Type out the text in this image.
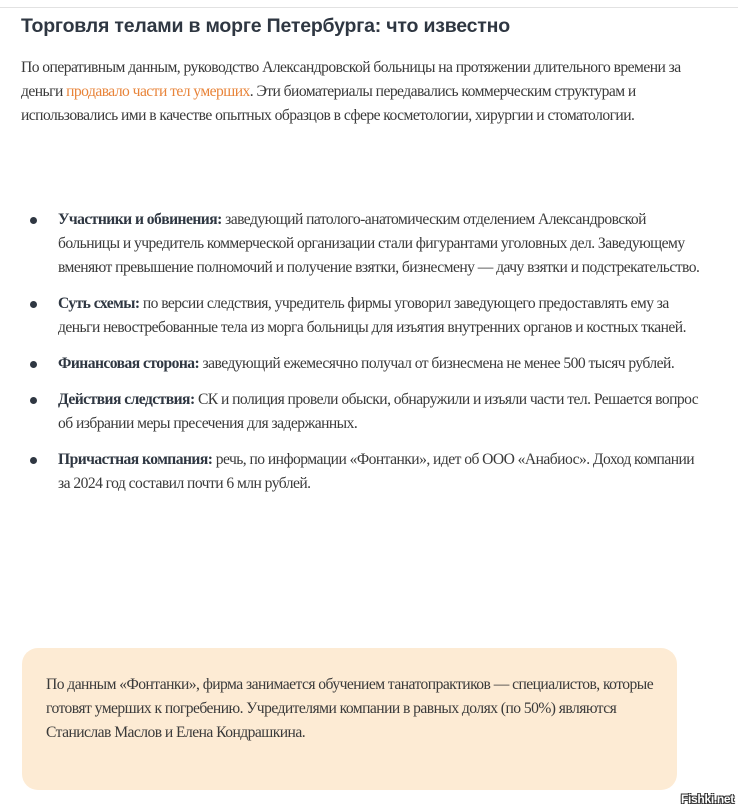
Торговля телами в морге Петербурга: что известно

По оперативным данным, руководство Александровской больницы на протяжении длительного времени за деньги продавало части тел умерших. Эти биоматериалы передавались коммерческим структурам и использовались ими в качестве опытных образцов в сфере косметологии, хирургии и стоматологии.

Участники и обвинения: заведующий патолого-анатомическим отделением Александровской больницы и учредитель коммерческой организации стали фигурантами уголовных дел. Заведующему вменяют превышение полномочий и получение взятки, бизнесмену — дачу взятки и подстрекательство.
Суть схемы: по версии следствия, учредитель фирмы уговорил заведующего предоставлять ему за деньги невостребованные тела из морга больницы для изъятия внутренних органов и костных тканей.
Финансовая сторона: заведующий ежемесячно получал от бизнесмена не менее 500 тысяч рублей.
Действия следствия: СК и полиция провели обыски, обнаружили и изъяли части тел. Решается вопрос об избрании меры пресечения для задержанных.
Причастная компания: речь, по информации «Фонтанки», идет об ООО «Анабиос». Доход компании за 2024 год составил почти 6 млн рублей.

По данным «Фонтанки», фирма занимается обучением танатопрактиков — специалистов, которые готовят умерших к погребению. Учредителями компании в равных долях (по 50%) являются Станислав Маслов и Елена Кондрашкина.

Fishki.net
